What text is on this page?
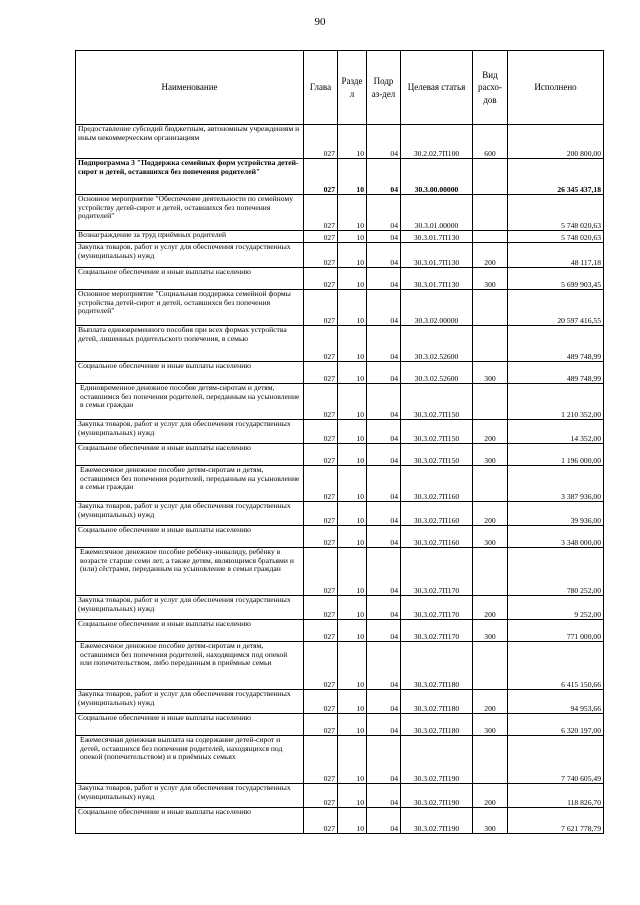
90
Наименование	Глава	Разде л	Подр аз-дел	Целевая статья	Вид расхо-дов	Исполнено
Предоставление субсидий бюджетным, автономным учреждениям и иным некоммерческим организациям	027	10	04	30.2.02.7П100	600	200 800,00
Подпрограмма 3 "Поддержка семейных форм устройства детей-сирот и детей, оставшихся без попечения родителей"	027	10	04	30.3.00.00000		26 345 437,18
Основное мероприятие "Обеспечение деятельности по семейному устройству детей-сирот и детей, оставшихся без попечения родителей"	027	10	04	30.3.01.00000		5 748 020,63
Вознаграждение за труд приёмных родителей	027	10	04	30.3.01.7П130		5 748 020,63
Закупка товаров, работ и услуг для обеспечения государственных (муниципальных) нужд	027	10	04	30.3.01.7П130	200	48 117,18
Социальное обеспечение и иные выплаты населению	027	10	04	30.3.01.7П130	300	5 699 903,45
Основное мероприятие "Социальная поддержка семейной формы устройства детей-сирот и детей, оставшихся без попечения родителей"	027	10	04	30.3.02.00000		20 597 416,55
Выплата единовременного пособия при всех формах устройства детей, лишенных родительского попечения, в семью	027	10	04	30.3.02.52600		489 748,99
Социальное обеспечение и иные выплаты населению	027	10	04	30.3.02.52600	300	489 748,99
Единовременное денежное пособие детям-сиротам и детям, оставшимся без попечения родителей, переданным на усыновление в семьи граждан	027	10	04	30.3.02.7П150		1 210 352,00
Закупка товаров, работ и услуг для обеспечения государственных (муниципальных) нужд	027	10	04	30.3.02.7П150	200	14 352,00
Социальное обеспечение и иные выплаты населению	027	10	04	30.3.02.7П150	300	1 196 000,00
Ежемесячное денежное пособие детям-сиротам и детям, оставшимся без попечения родителей, переданным на усыновление в семьи граждан	027	10	04	30.3.02.7П160		3 387 936,00
Закупка товаров, работ и услуг для обеспечения государственных (муниципальных) нужд	027	10	04	30.3.02.7П160	200	39 936,00
Социальное обеспечение и иные выплаты населению	027	10	04	30.3.02.7П160	300	3 348 000,00
Ежемесячное денежное пособие ребёнку-инвалиду, ребёнку в возрасте старше семи лет, а также детям, являющимся братьями и (или) сёстрами, переданным на усыновление в семьи граждан	027	10	04	30.3.02.7П170		780 252,00
Закупка товаров, работ и услуг для обеспечения государственных (муниципальных) нужд	027	10	04	30.3.02.7П170	200	9 252,00
Социальное обеспечение и иные выплаты населению	027	10	04	30.3.02.7П170	300	771 000,00
Ежемесячное денежное пособие детям-сиротам и детям, оставшимся без попечения родителей, находящимся под опекой или попечительством, либо переданным в приёмные семьи	027	10	04	30.3.02.7П180		6 415 150,66
Закупка товаров, работ и услуг для обеспечения государственных (муниципальных) нужд	027	10	04	30.3.02.7П180	200	94 953,66
Социальное обеспечение и иные выплаты населению	027	10	04	30.3.02.7П180	300	6 320 197,00
Ежемесячная денежная выплата на содержание детей-сирот и детей, оставшихся без попечения родителей, находящихся под опекой (попечительством) и в приёмных семьях	027	10	04	30.3.02.7П190		7 740 605,49
Закупка товаров, работ и услуг для обеспечения государственных (муниципальных) нужд	027	10	04	30.3.02.7П190	200	118 826,70
Социальное обеспечение и иные выплаты населению	027	10	04	30.3.02.7П190	300	7 621 778,79
